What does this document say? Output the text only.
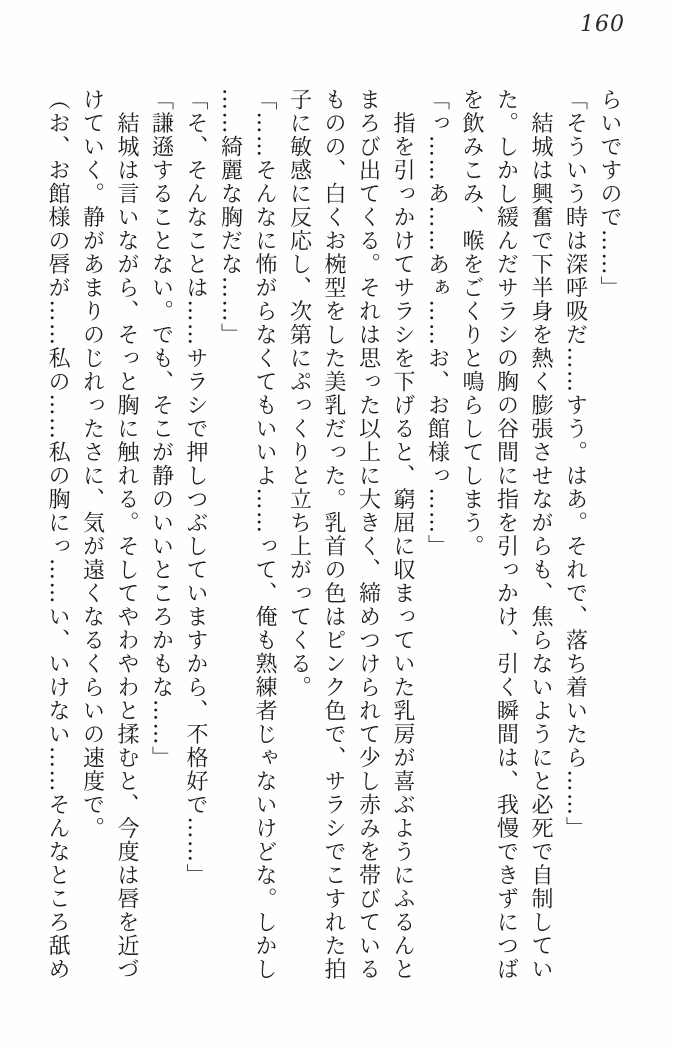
160

らいですので……」

「そういう時は深呼吸だ……すう。はあ。それで、落ち着いたら……」

　結城は興奮で下半身を熱く膨張させながらも、焦らないようにと必死で自制してい

た。しかし緩んだサラシの胸の谷間に指を引っかけ、引く瞬間は、我慢できずにつば

を飲みこみ、喉をごくりと鳴らしてしまう。

「っ……あ……あぁ……お、お館様っ……」

　指を引っかけてサラシを下げると、窮屈に収まっていた乳房が喜ぶようにふるんと

まろび出てくる。それは思った以上に大きく、締めつけられて少し赤みを帯びている

ものの、白くお椀型をした美乳だった。乳首の色はピンク色で、サラシでこすれた拍

子に敏感に反応し、次第にぷっくりと立ち上がってくる。

「……そんなに怖がらなくてもいいよ……って、俺も熟練者じゃないけどな。しかし

……綺麗な胸だな……」

「そ、そんなことは……サラシで押しつぶしていますから、不格好で……」

「謙遜することない。でも、そこが静のいいところかもな……」

　結城は言いながら、そっと胸に触れる。そしてやわやわと揉むと、今度は唇を近づ

けていく。静があまりのじれったさに、気が遠くなるくらいの速度で。

（お、お館様の唇が……私の……私の胸にっ……い、いけない……そんなところ舐め
